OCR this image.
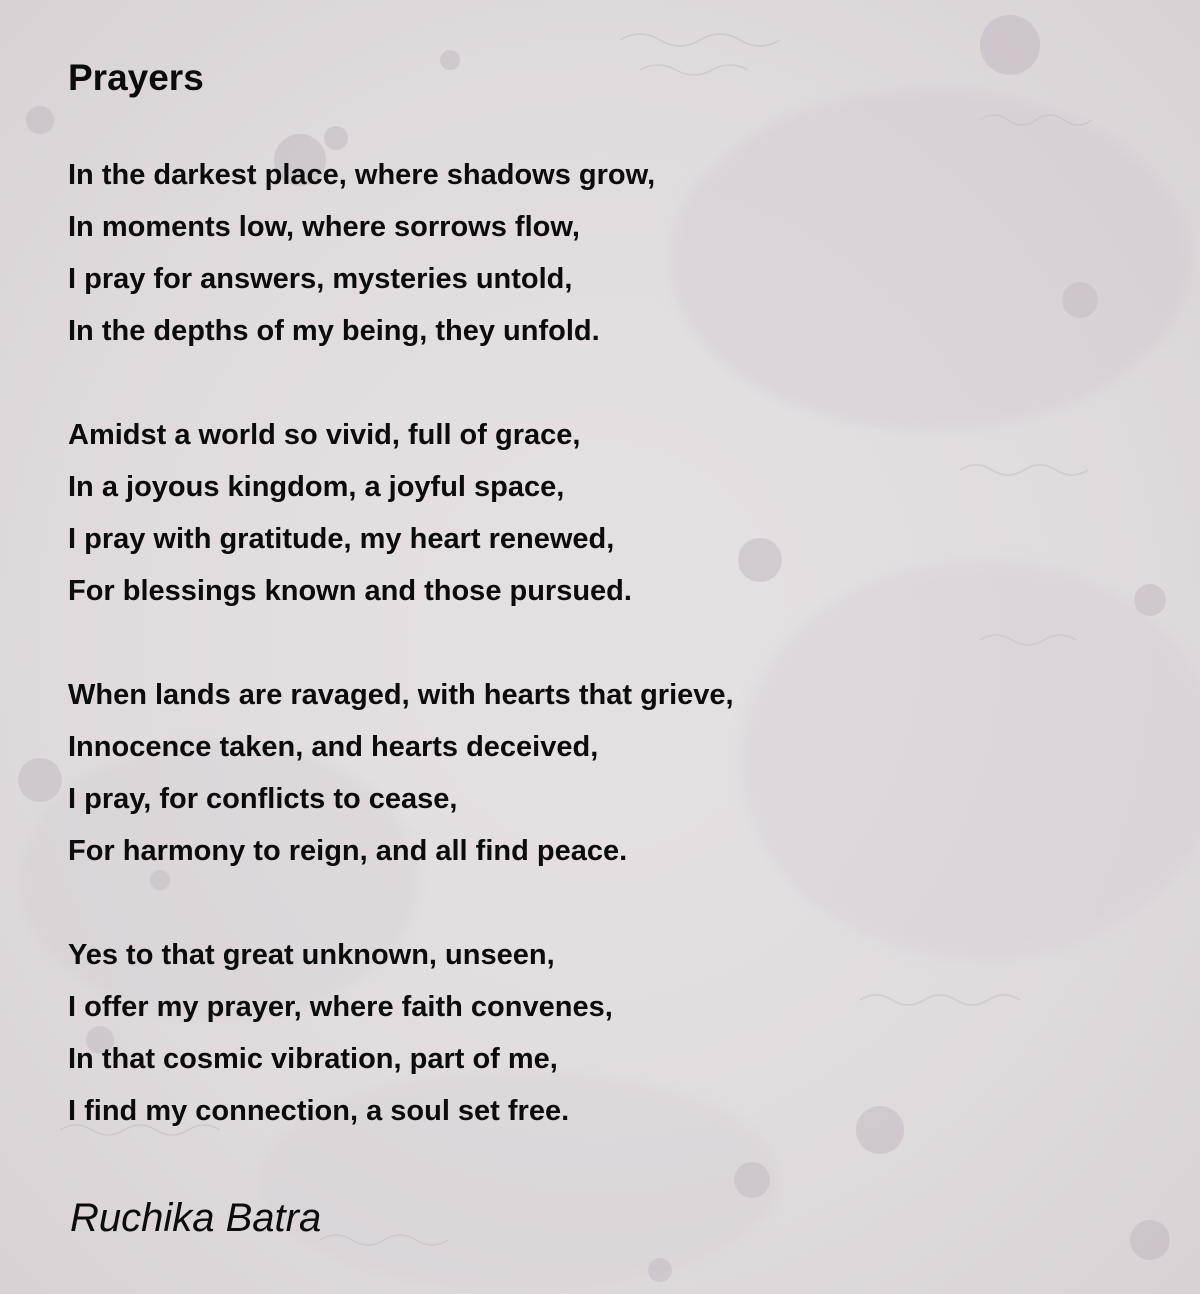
Prayers
In the darkest place, where shadows grow,
In moments low, where sorrows flow,
I pray for answers, mysteries untold,
In the depths of my being, they unfold.
Amidst a world so vivid, full of grace,
In a joyous kingdom, a joyful space,
I pray with gratitude, my heart renewed,
For blessings known and those pursued.
When lands are ravaged, with hearts that grieve,
Innocence taken, and hearts deceived,
I pray, for conflicts to cease,
For harmony to reign, and all find peace.
Yes to that great unknown, unseen,
I offer my prayer, where faith convenes,
In that cosmic vibration, part of me,
I find my connection, a soul set free.

Ruchika Batra
